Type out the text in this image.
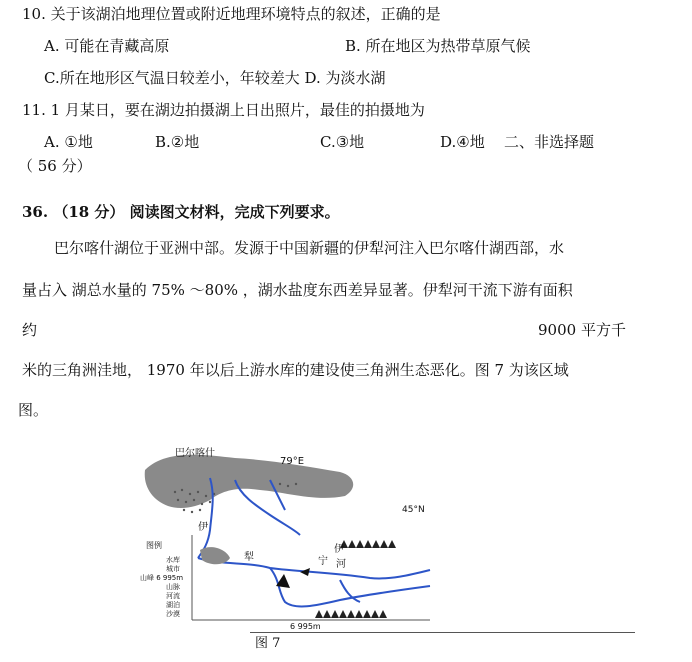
10. 关于该湖泊地理位置或附近地理环境特点的叙述，正确的是
A. 可能在青藏高原	B. 所在地区为热带草原气候
C.所在地形区气温日较差小，年较差大 D. 为淡水湖
11. 1 月某日，要在湖边拍摄湖上日出照片，最佳的拍摄地为
A. ①地	B.②地	C.③地	D.④地 二、非选择题
（ 56 分）
36. （18 分） 阅读图文材料，完成下列要求。
巴尔喀什湖位于亚洲中部。发源于中国新疆的伊犁河注入巴尔喀什湖西部，水
量占入 湖总水量的 75% ～80% ，湖水盐度东西差异显著。伊犁河干流下游有面积
约	9000 平方千
米的三角洲洼地， 1970 年以后上游水库的建设使三角洲生态恶化。图 7 为该区域
图。
巴尔喀什
79°E
45°N
伊
犁
河
伊
宁
图例
水库
城市
山峰 6 995m
山脉
河流
湖泊
沙漠
6 995m
图 7
